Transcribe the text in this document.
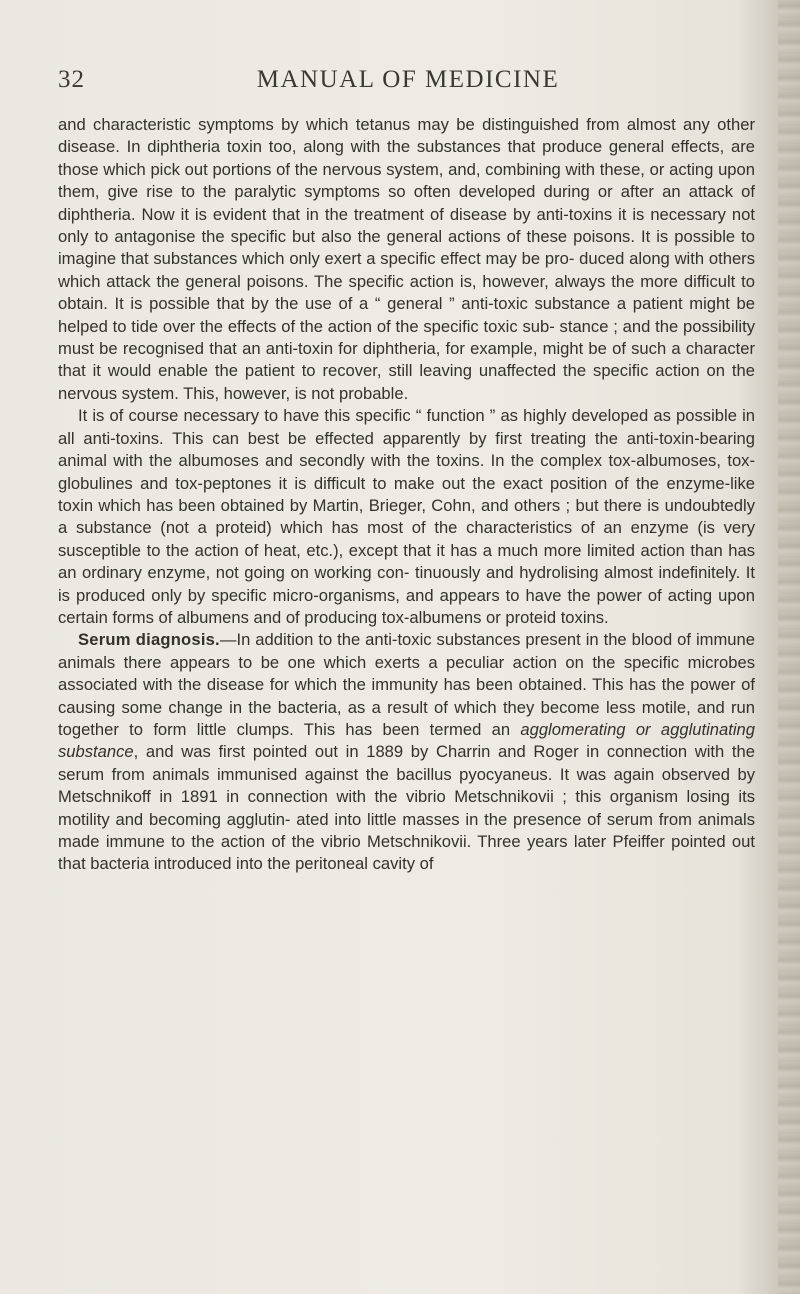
32	MANUAL OF MEDICINE

and characteristic symptoms by which tetanus may be distinguished from almost any other disease. In diphtheria toxin too, along with the substances that produce general effects, are those which pick out portions of the nervous system, and, combining with these, or acting upon them, give rise to the paralytic symptoms so often developed during or after an attack of diphtheria. Now it is evident that in the treatment of disease by anti-toxins it is necessary not only to antagonise the specific but also the general actions of these poisons. It is possible to imagine that substances which only exert a specific effect may be pro- duced along with others which attack the general poisons. The specific action is, however, always the more difficult to obtain. It is possible that by the use of a “ general ” anti-toxic substance a patient might be helped to tide over the effects of the action of the specific toxic sub- stance ; and the possibility must be recognised that an anti-toxin for diphtheria, for example, might be of such a character that it would enable the patient to recover, still leaving unaffected the specific action on the nervous system. This, however, is not probable.

It is of course necessary to have this specific “ function ” as highly developed as possible in all anti-toxins. This can best be effected apparently by first treating the anti-toxin-bearing animal with the albumoses and secondly with the toxins. In the complex tox-albumoses, tox-globulines and tox-peptones it is difficult to make out the exact position of the enzyme-like toxin which has been obtained by Martin, Brieger, Cohn, and others ; but there is undoubtedly a substance (not a proteid) which has most of the characteristics of an enzyme (is very susceptible to the action of heat, etc.), except that it has a much more limited action than has an ordinary enzyme, not going on working con- tinuously and hydrolising almost indefinitely. It is produced only by specific micro-organisms, and appears to have the power of acting upon certain forms of albumens and of producing tox-albumens or proteid toxins.

Serum diagnosis.—In addition to the anti-toxic substances present in the blood of immune animals there appears to be one which exerts a peculiar action on the specific microbes associated with the disease for which the immunity has been obtained. This has the power of causing some change in the bacteria, as a result of which they become less motile, and run together to form little clumps. This has been termed an agglomerating or agglutinating substance, and was first pointed out in 1889 by Charrin and Roger in connection with the serum from animals immunised against the bacillus pyocyaneus. It was again observed by Metschnikoff in 1891 in connection with the vibrio Metschnikovii ; this organism losing its motility and becoming agglutin- ated into little masses in the presence of serum from animals made immune to the action of the vibrio Metschnikovii. Three years later Pfeiffer pointed out that bacteria introduced into the peritoneal cavity of
